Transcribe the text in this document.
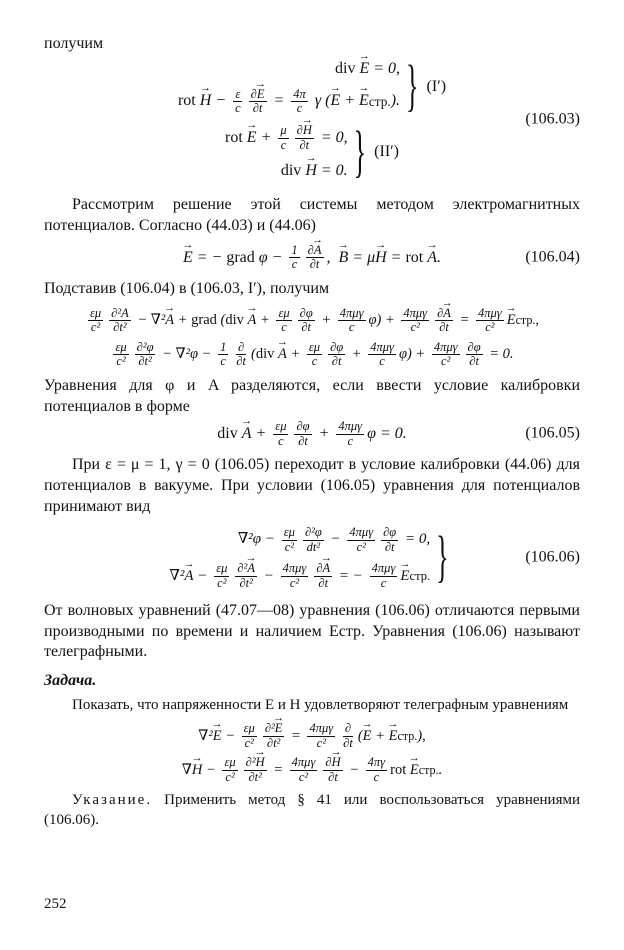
получим

div
→ E = 0,
rot
→ $H - \frac{\varepsilon}{c} \frac{\partial\to E}{\partial t} = \frac{4\pi}{c}$ γ (
→ E +
→ E стр. ). } (I′)
rot
→ $E + \frac{\mu}{c} \frac{\partial\to H}{\partial t} = 0$,
div
→ H = 0. } (II′)
(106.03)

Рассмотрим решение этой системы методом электромагнитных потенциалов. Согласно (44.03) и (44.06)

→ E = − grad $\varphi - \frac{1}{c} \frac{\partial\to A}{\partial t}$ ,
→ B = μ
→ H = rot
→ A .	(106.04)

Подставив (106.04) в (106.03, I′), получим

$\frac{\varepsilon\mu}{\text{c²}} \frac{\text{∂²A}}{\text{∂t²}} - \nabla^2$
→ A + grad ( div
→ $A + \frac{\varepsilon\mu}{c} \frac{\partial\varphi}{\partial t} + \frac{\text{4πμγ}}{c} \varphi) + \frac{\text{4πμγ}}{\text{c²}} \frac{\partial\to A}{\partial t} = \frac{\text{4πμγ}}{\text{c²}}$
→ E стр. ,
$\frac{\varepsilon\mu}{\text{c²}} \frac{\text{∂²φ}}{\text{∂t²}} - \nabla^2\varphi - \frac{1}{c} \frac{\partial}{\partial t}$ ( div
→ $A + \frac{\varepsilon\mu}{c} \frac{\partial\varphi}{\partial t} + \frac{\text{4πμγ}}{c} \varphi) + \frac{\text{4πμγ}}{\text{c²}} \frac{\partial\varphi}{\partial t} = 0$.

Уравнения для φ и A разделяются, если ввести условие калибровки потенциалов в форме

div
→ $A + \frac{\varepsilon\mu}{c} \frac{\partial\varphi}{\partial t} + \frac{\text{4πμγ}}{c}$ φ = 0.	(106.05)

При ε = μ = 1, γ = 0 (106.05) переходит в условие калибровки (44.06) для потенциалов в вакууме. При условии (106.05) уравнения для потенциалов принимают вид

$\nabla^2\varphi - \frac{\varepsilon\mu}{\text{c²}} \frac{\text{∂²φ}}{\text{dt²}} - \frac{\text{4πμγ}}{\text{c²}} \frac{\partial\varphi}{\partial t} = 0$,
∇²
→ $A - \frac{\varepsilon\mu}{\text{c²}} \frac{\text{∂²→ A}}{\text{∂t²}} - \frac{\text{4πμγ}}{\text{c²}} \frac{\partial\to A}{\partial t}$ = − $\frac{\text{4πμγ}}{c}$
→ E стр. }	(106.06)

От волновых уравнений (47.07—08) уравнения (106.06) отличаются первыми производными по времени и наличием Eстр. Уравнения (106.06) называют телеграфными.

Задача.

Показать, что напряженности E и H удовлетворяют телеграфным уравнениям

∇²
→ $E - \frac{\varepsilon\mu}{\text{c²}} \frac{\text{∂²→ E}}{\text{∂t²}} = \frac{\text{4πμγ}}{\text{c²}} \frac{\partial}{\partial t}$ (
→ E +
→ E стр. ),
∇
→ $H - \frac{\varepsilon\mu}{\text{c²}} \frac{\text{∂²→ H}}{\text{∂t²}} = \frac{\text{4πμγ}}{\text{c²}} \frac{\partial\to H}{\partial t} - \frac{4\pi\gamma}{c}$ rot
→ E стр. .

Указание. Применить метод § 41 или воспользоваться уравнениями (106.06).

252
